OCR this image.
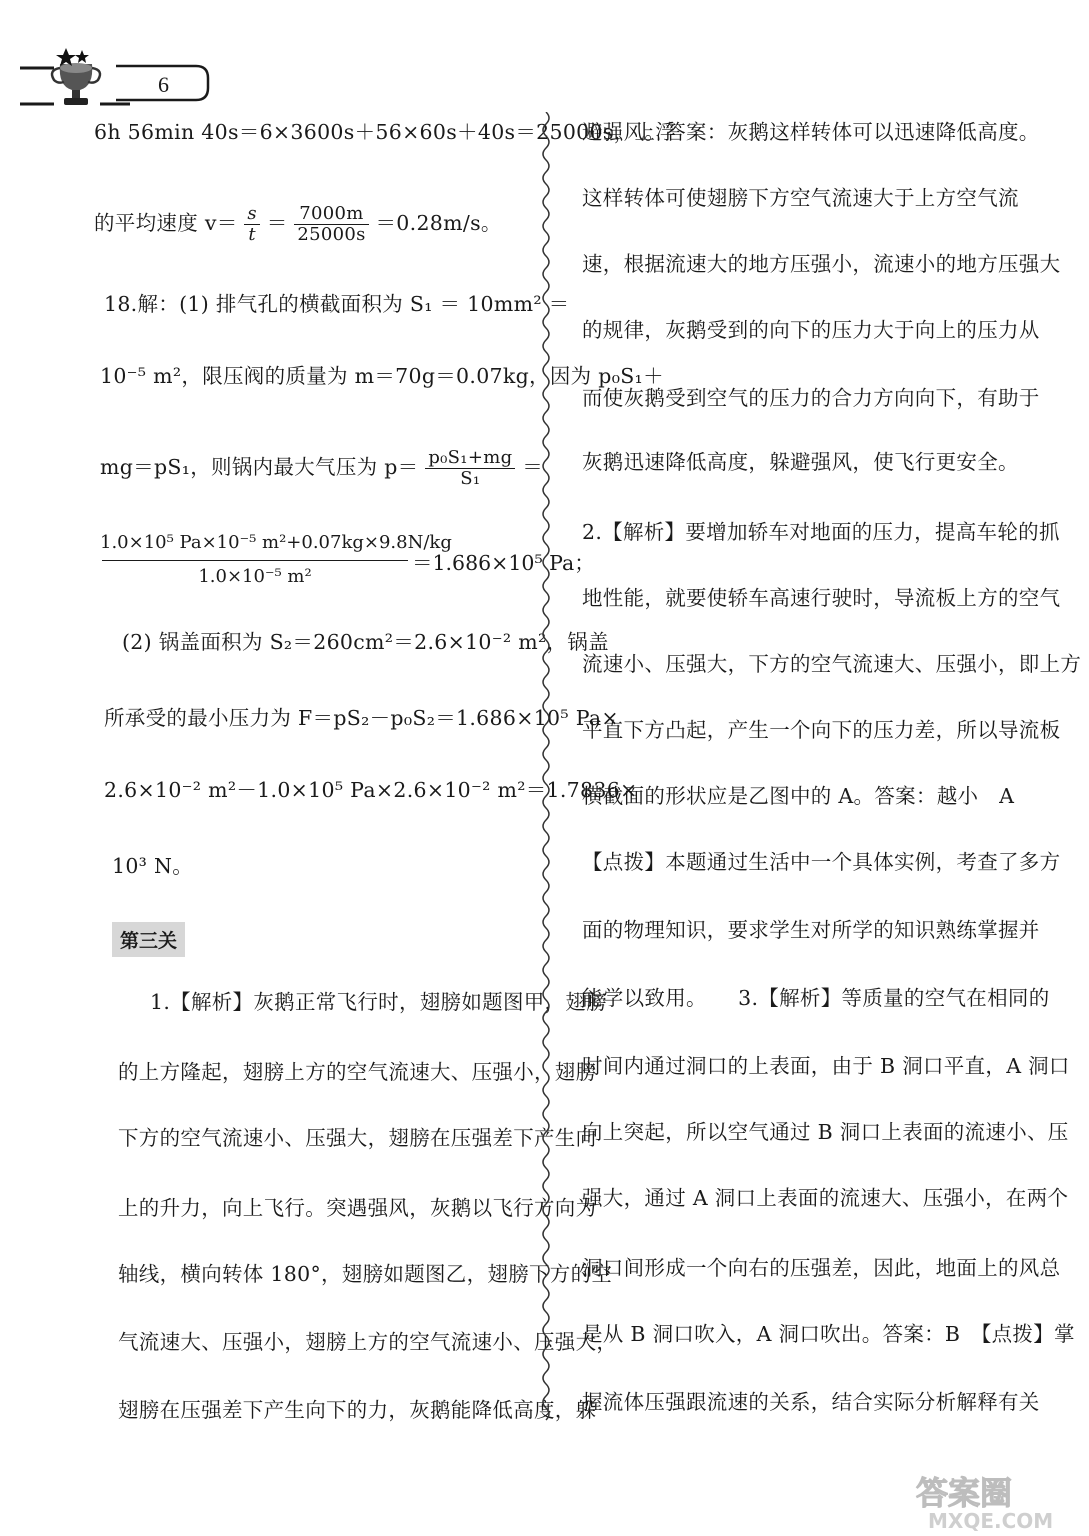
6
6h 56min 40s＝6×3600s＋56×60s＋40s＝25000s，上浮
的平均速度 $v= \frac{s}{t} = \frac{7000m}{25000s} =0.28m/s$。
18.解：(1) 排气孔的横截面积为 S₁ ＝ 10mm² ＝
10⁻⁵ m²，限压阀的质量为 m＝70g＝0.07kg，因为 p₀S₁＋
mg＝pS₁，则锅内最大气压为 $p= \frac{\text{p₀S₁+mg}}{\text{S₁}}$ ＝
1.0×10⁵ Pa×10⁻⁵ m²+0.07kg×9.8N/kg
1.0×10⁻⁵ m²
＝1.686×10⁵ Pa；
(2) 锅盖面积为 S₂＝260cm²＝2.6×10⁻² m²，锅盖
所承受的最小压力为 F＝pS₂－p₀S₂＝1.686×10⁵ Pa×
2.6×10⁻² m²－1.0×10⁵ Pa×2.6×10⁻² m²＝1.7836×
10³ N。
第三关
1.【解析】灰鹅正常飞行时，翅膀如题图甲，翅膀
的上方隆起，翅膀上方的空气流速大、压强小，翅膀
下方的空气流速小、压强大，翅膀在压强差下产生向
上的升力，向上飞行。突遇强风，灰鹅以飞行方向为
轴线，横向转体 180°，翅膀如题图乙，翅膀下方的空
气流速大、压强小，翅膀上方的空气流速小、压强大，
翅膀在压强差下产生向下的力，灰鹅能降低高度，躲
避强风。答案：灰鹅这样转体可以迅速降低高度。
这样转体可使翅膀下方空气流速大于上方空气流
速，根据流速大的地方压强小，流速小的地方压强大
的规律，灰鹅受到的向下的压力大于向上的压力从
而使灰鹅受到空气的压力的合力方向向下，有助于
灰鹅迅速降低高度，躲避强风，使飞行更安全。
2.【解析】要增加轿车对地面的压力，提高车轮的抓
地性能，就要使轿车高速行驶时，导流板上方的空气
流速小、压强大，下方的空气流速大、压强小，即上方
平直下方凸起，产生一个向下的压力差，所以导流板
横截面的形状应是乙图中的 A。答案：越小　A
【点拨】本题通过生活中一个具体实例，考查了多方
面的物理知识，要求学生对所学的知识熟练掌握并
能学以致用。　　3.【解析】等质量的空气在相同的
时间内通过洞口的上表面，由于 B 洞口平直，A 洞口
向上突起，所以空气通过 B 洞口上表面的流速小、压
强大，通过 A 洞口上表面的流速大、压强小，在两个
洞口间形成一个向右的压强差，因此，地面上的风总
是从 B 洞口吹入，A 洞口吹出。答案：B　【点拨】掌
握流体压强跟流速的关系，结合实际分析解释有关
答案圈
MXQE.COM
